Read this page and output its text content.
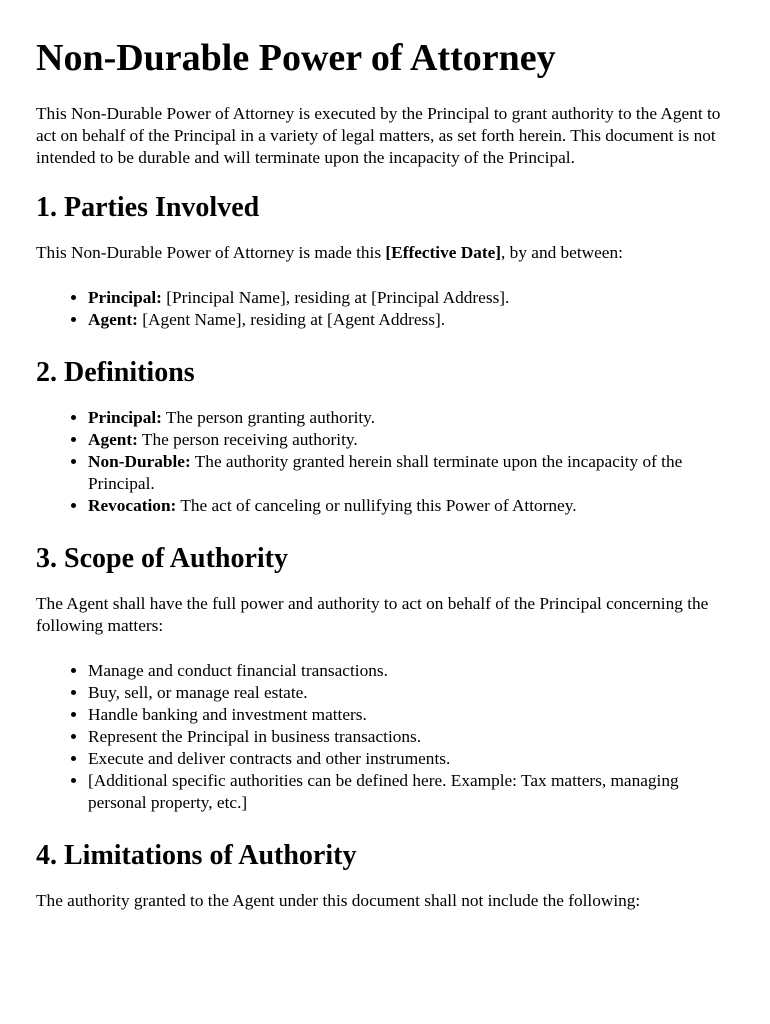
Non-Durable Power of Attorney

This Non-Durable Power of Attorney is executed by the Principal to grant authority to the Agent to act on behalf of the Principal in a variety of legal matters, as set forth herein. This document is not intended to be durable and will terminate upon the incapacity of the Principal.

1. Parties Involved

This Non-Durable Power of Attorney is made this [Effective Date], by and between:

• Principal: [Principal Name], residing at [Principal Address].
• Agent: [Agent Name], residing at [Agent Address].
2. Definitions
• Principal: The person granting authority.
• Agent: The person receiving authority.
• Non-Durable: The authority granted herein shall terminate upon the incapacity of the Principal.
• Revocation: The act of canceling or nullifying this Power of Attorney.
3. Scope of Authority

The Agent shall have the full power and authority to act on behalf of the Principal concerning the following matters:

• Manage and conduct financial transactions.
• Buy, sell, or manage real estate.
• Handle banking and investment matters.
• Represent the Principal in business transactions.
• Execute and deliver contracts and other instruments.
• [Additional specific authorities can be defined here. Example: Tax matters, managing personal property, etc.]
4. Limitations of Authority

The authority granted to the Agent under this document shall not include the following:
